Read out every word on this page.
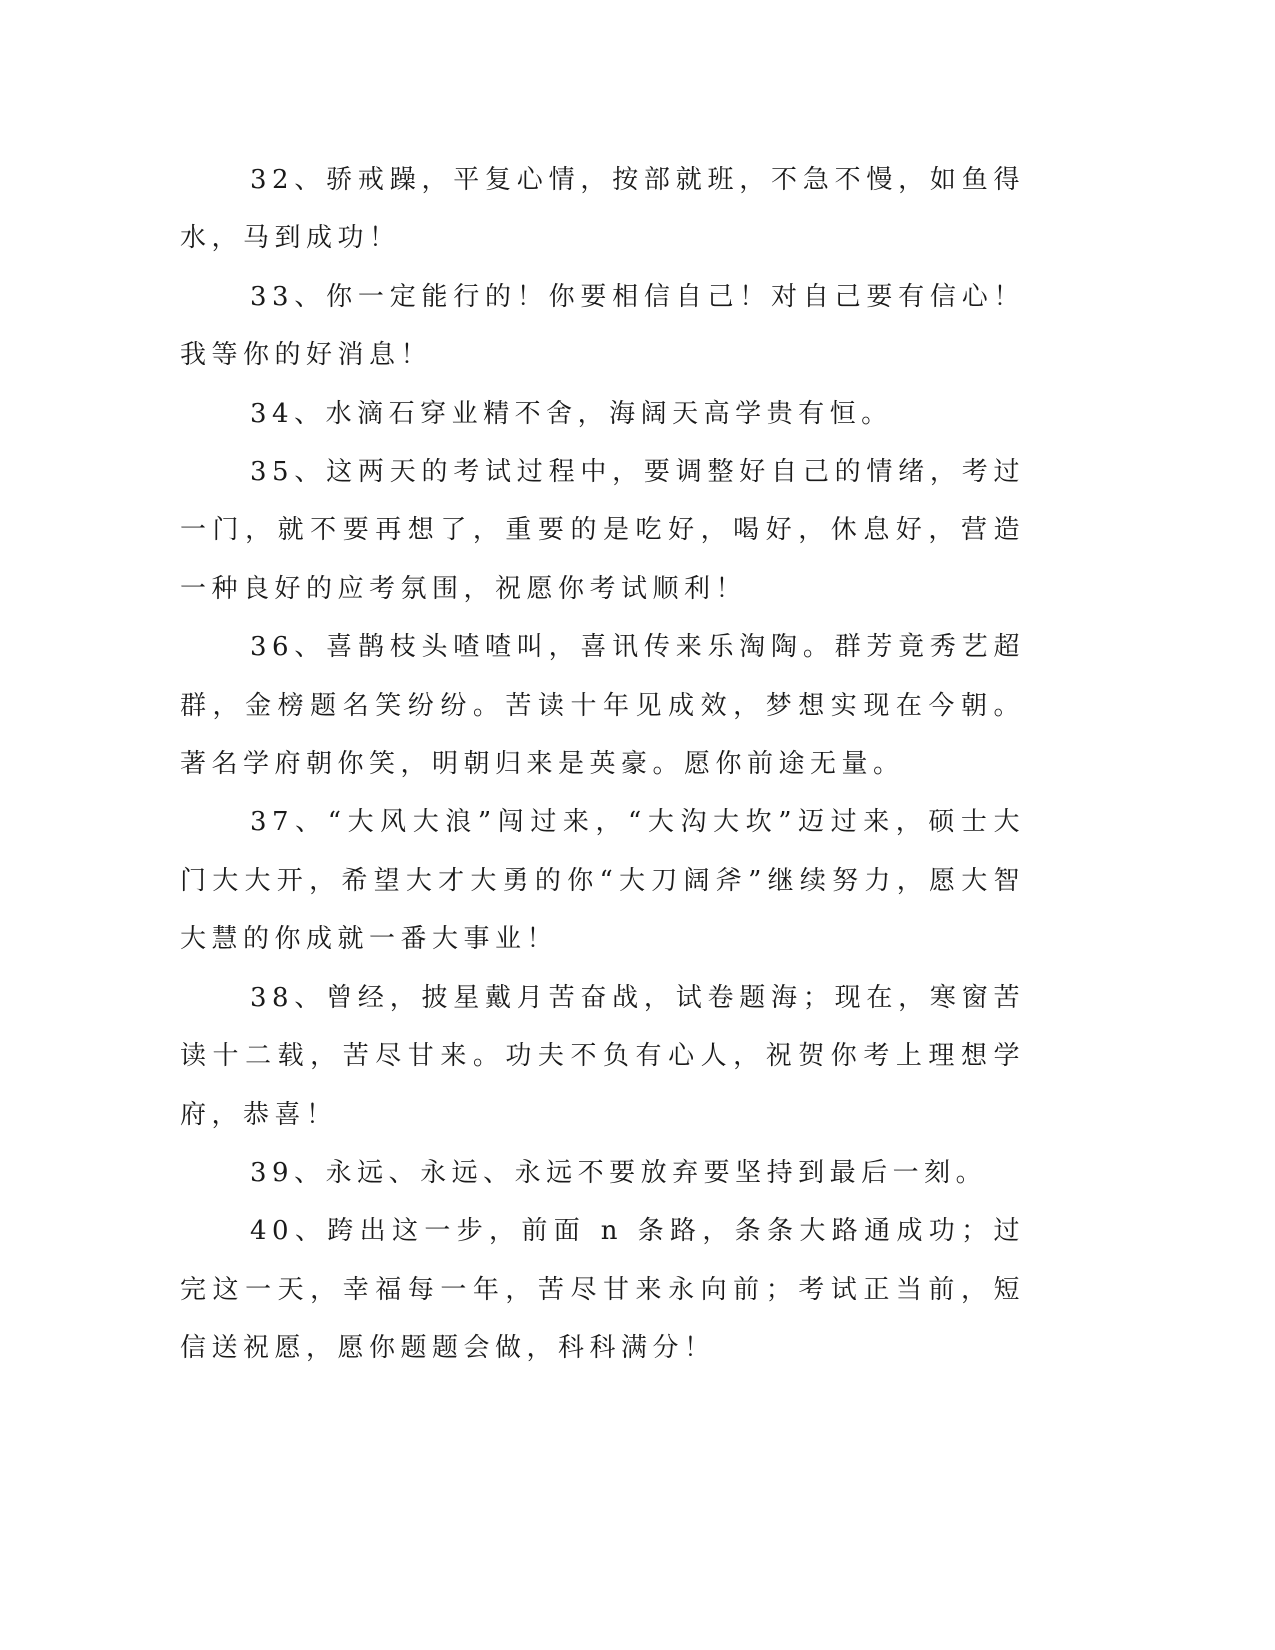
32、骄戒躁，平复心情，按部就班，不急不慢，如鱼得水，马到成功！

33、你一定能行的！你要相信自己！对自己要有信心！我等你的好消息！

34、水滴石穿业精不舍，海阔天高学贵有恒。

35、这两天的考试过程中，要调整好自己的情绪，考过一门，就不要再想了，重要的是吃好，喝好，休息好，营造一种良好的应考氛围，祝愿你考试顺利！

36、喜鹊枝头喳喳叫，喜讯传来乐淘陶。群芳竟秀艺超群，金榜题名笑纷纷。苦读十年见成效，梦想实现在今朝。著名学府朝你笑，明朝归来是英豪。愿你前途无量。

37、“大风大浪”闯过来，“大沟大坎”迈过来，硕士大门大大开，希望大才大勇的你“大刀阔斧”继续努力，愿大智大慧的你成就一番大事业！

38、曾经，披星戴月苦奋战，试卷题海；现在，寒窗苦读十二载，苦尽甘来。功夫不负有心人，祝贺你考上理想学府，恭喜！

39、永远、永远、永远不要放弃要坚持到最后一刻。

40、跨出这一步，前面 n 条路，条条大路通成功；过完这一天，幸福每一年，苦尽甘来永向前；考试正当前，短信送祝愿，愿你题题会做，科科满分！
